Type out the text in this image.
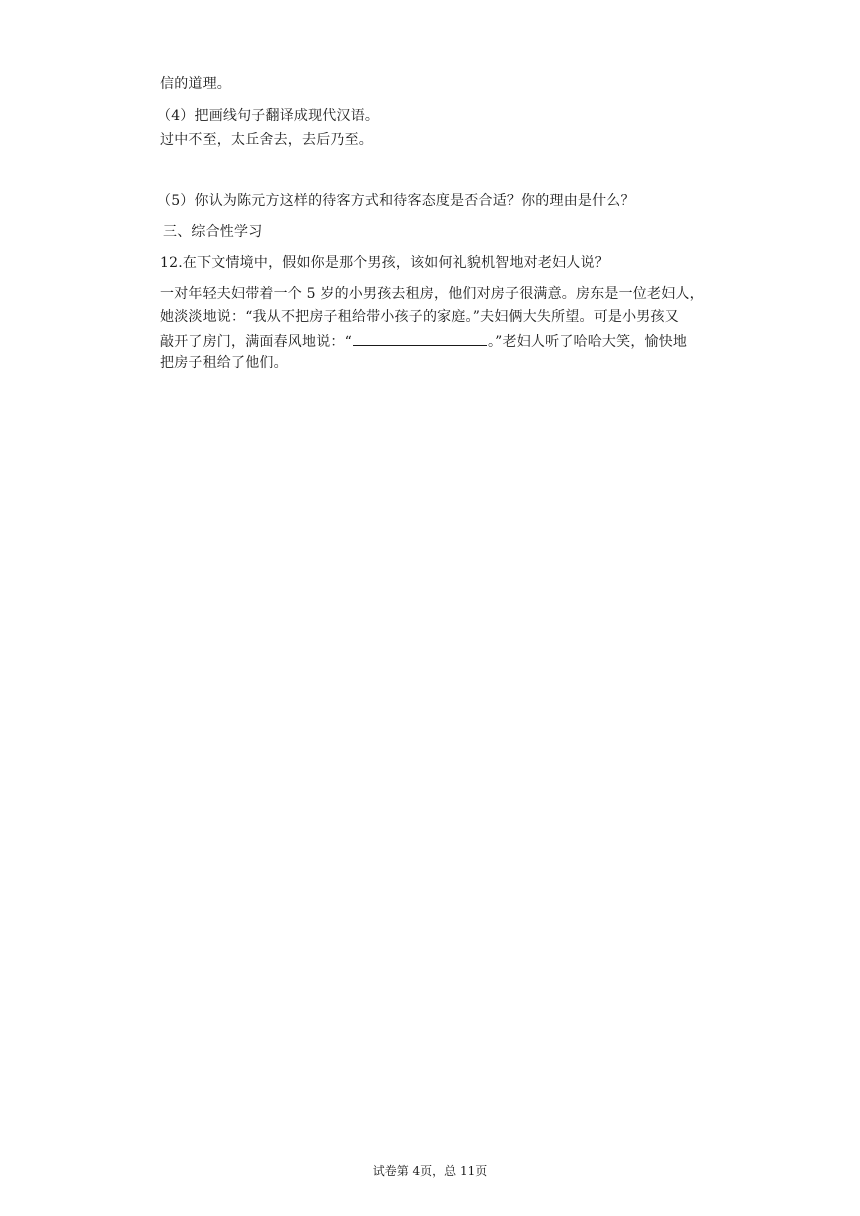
信的道理。
（4）把画线句子翻译成现代汉语。
过中不至，太丘舍去，去后乃至。
（5）你认为陈元方这样的待客方式和待客态度是否合适？你的理由是什么？
三、综合性学习
12.在下文情境中，假如你是那个男孩，该如何礼貌机智地对老妇人说？
一对年轻夫妇带着一个 5 岁的小男孩去租房，他们对房子很满意。房东是一位老妇人，
她淡淡地说：“我从不把房子租给带小孩子的家庭。”夫妇俩大失所望。可是小男孩又
敲开了房门，满面春风地说：“	。”老妇人听了哈哈大笑，愉快地
把房子租给了他们。
试卷第 4页，总 11页
